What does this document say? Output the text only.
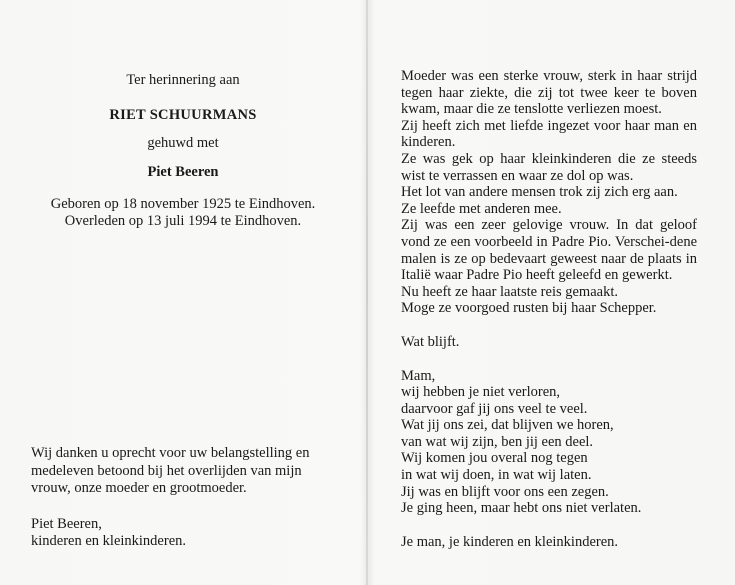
Ter herinnering aan
RIET SCHUURMANS
gehuwd met
Piet Beeren
Geboren op 18 november 1925 te Eindhoven.
Overleden op 13 juli 1994 te Eindhoven.

Wij danken u oprecht voor uw belangstelling en

medeleven betoond bij het overlijden van mijn

vrouw, onze moeder en grootmoeder.

Piet Beeren,

kinderen en kleinkinderen.

Moeder was een sterke vrouw, sterk in haar strijd tegen haar ziekte, die zij tot twee keer te boven kwam, maar die ze tenslotte verliezen moest.

Zij heeft zich met liefde ingezet voor haar man en kinderen.

Ze was gek op haar kleinkinderen die ze steeds wist te verrassen en waar ze dol op was.

Het lot van andere mensen trok zij zich erg aan.

Ze leefde met anderen mee.

Zij was een zeer gelovige vrouw. In dat geloof vond ze een voorbeeld in Padre Pio. Verschei-dene malen is ze op bedevaart geweest naar de plaats in Italië waar Padre Pio heeft geleefd en gewerkt.

Nu heeft ze haar laatste reis gemaakt.

Moge ze voorgoed rusten bij haar Schepper.

Wat blijft.

Mam,

wij hebben je niet verloren,

daarvoor gaf jij ons veel te veel.

Wat jij ons zei, dat blijven we horen,

van wat wij zijn, ben jij een deel.

Wij komen jou overal nog tegen

in wat wij doen, in wat wij laten.

Jij was en blijft voor ons een zegen.

Je ging heen, maar hebt ons niet verlaten.

Je man, je kinderen en kleinkinderen.
